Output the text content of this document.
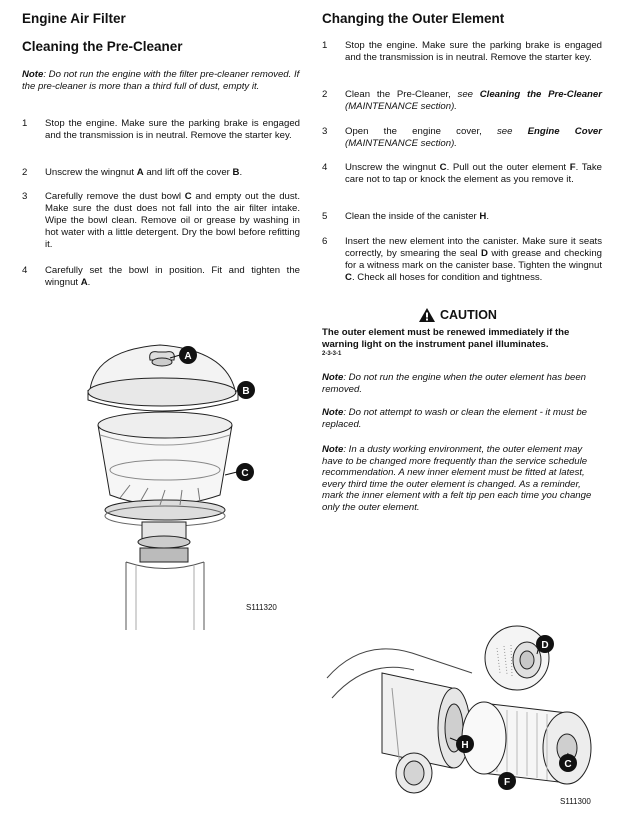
Engine Air Filter
Cleaning the Pre-Cleaner

Note: Do not run the engine with the filter pre-cleaner removed. If the pre-cleaner is more than a third full of dust, empty it.

1	Stop the engine. Make sure the parking brake is engaged and the transmission is in neutral. Remove the starter key.
2	Unscrew the wingnut A and lift off the cover B.
3	Carefully remove the dust bowl C and empty out the dust. Make sure the dust does not fall into the air filter intake. Wipe the bowl clean. Remove oil or grease by washing in hot water with a little detergent. Dry the bowl before refitting it.
4	Carefully set the bowl in position. Fit and tighten the wingnut A.
A
B
C
S111320
Changing the Outer Element
1	Stop the engine. Make sure the parking brake is engaged and the transmission is in neutral. Remove the starter key.
2	Clean the Pre-Cleaner, see Cleaning the Pre-Cleaner (MAINTENANCE section).
3	Open the engine cover, see Engine Cover (MAINTENANCE section).
4	Unscrew the wingnut C. Pull out the outer element F. Take care not to tap or knock the element as you remove it.
5	Clean the inside of the canister H.
6	Insert the new element into the canister. Make sure it seats correctly, by smearing the seal D with grease and checking for a witness mark on the canister base. Tighten the wingnut C. Check all hoses for condition and tightness.
CAUTION
The outer element must be renewed immediately if the warning light on the instrument panel illuminates.
2-3-3-1

Note: Do not run the engine when the outer element has been removed.

Note: Do not attempt to wash or clean the element - it must be replaced.

Note: In a dusty working environment, the outer element may have to be changed more frequently than the service schedule recommendation. A new inner element must be fitted at latest, every third time the outer element is changed. As a reminder, mark the inner element with a felt tip pen each time you change only the outer element.

D
H
F
C
S111300
